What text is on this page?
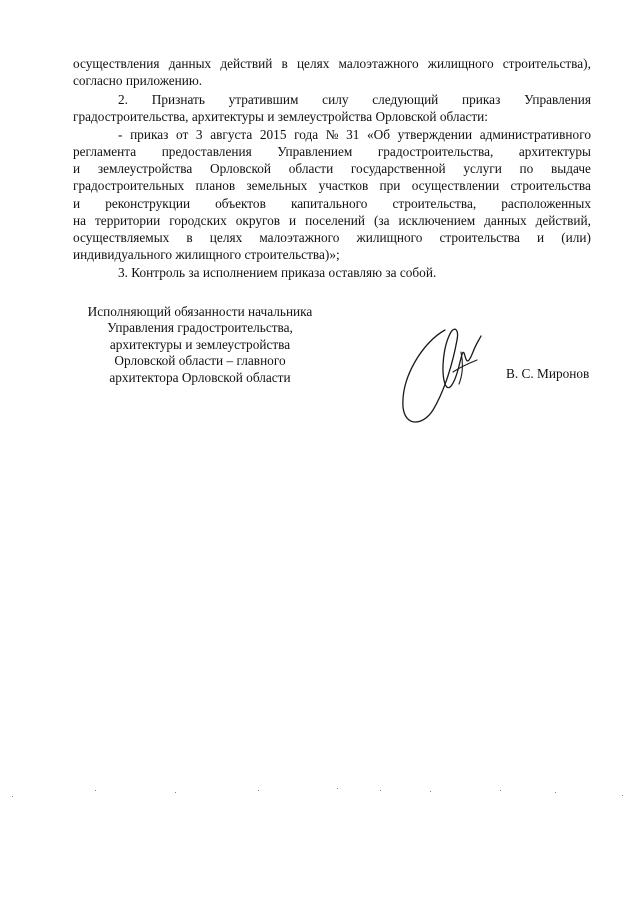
осуществления данных действий в целях малоэтажного жилищного строительства),
согласно приложению.
2. Признать утратившим силу следующий приказ Управления
градостроительства, архитектуры и землеустройства Орловской области:
- приказ от 3 августа 2015 года № 31 «Об утверждении административного
регламента предоставления Управлением градостроительства, архитектуры
и землеустройства Орловской области государственной услуги по выдаче
градостроительных планов земельных участков при осуществлении строительства
и реконструкции объектов капитального строительства, расположенных
на территории городских округов и поселений (за исключением данных действий,
осуществляемых в целях малоэтажного жилищного строительства и (или)
индивидуального жилищного строительства)»;
3. Контроль за исполнением приказа оставляю за собой.
Исполняющий обязанности начальника
Управления градостроительства,
архитектуры и землеустройства
Орловской области – главного
архитектора Орловской области	В. С. Миронов
